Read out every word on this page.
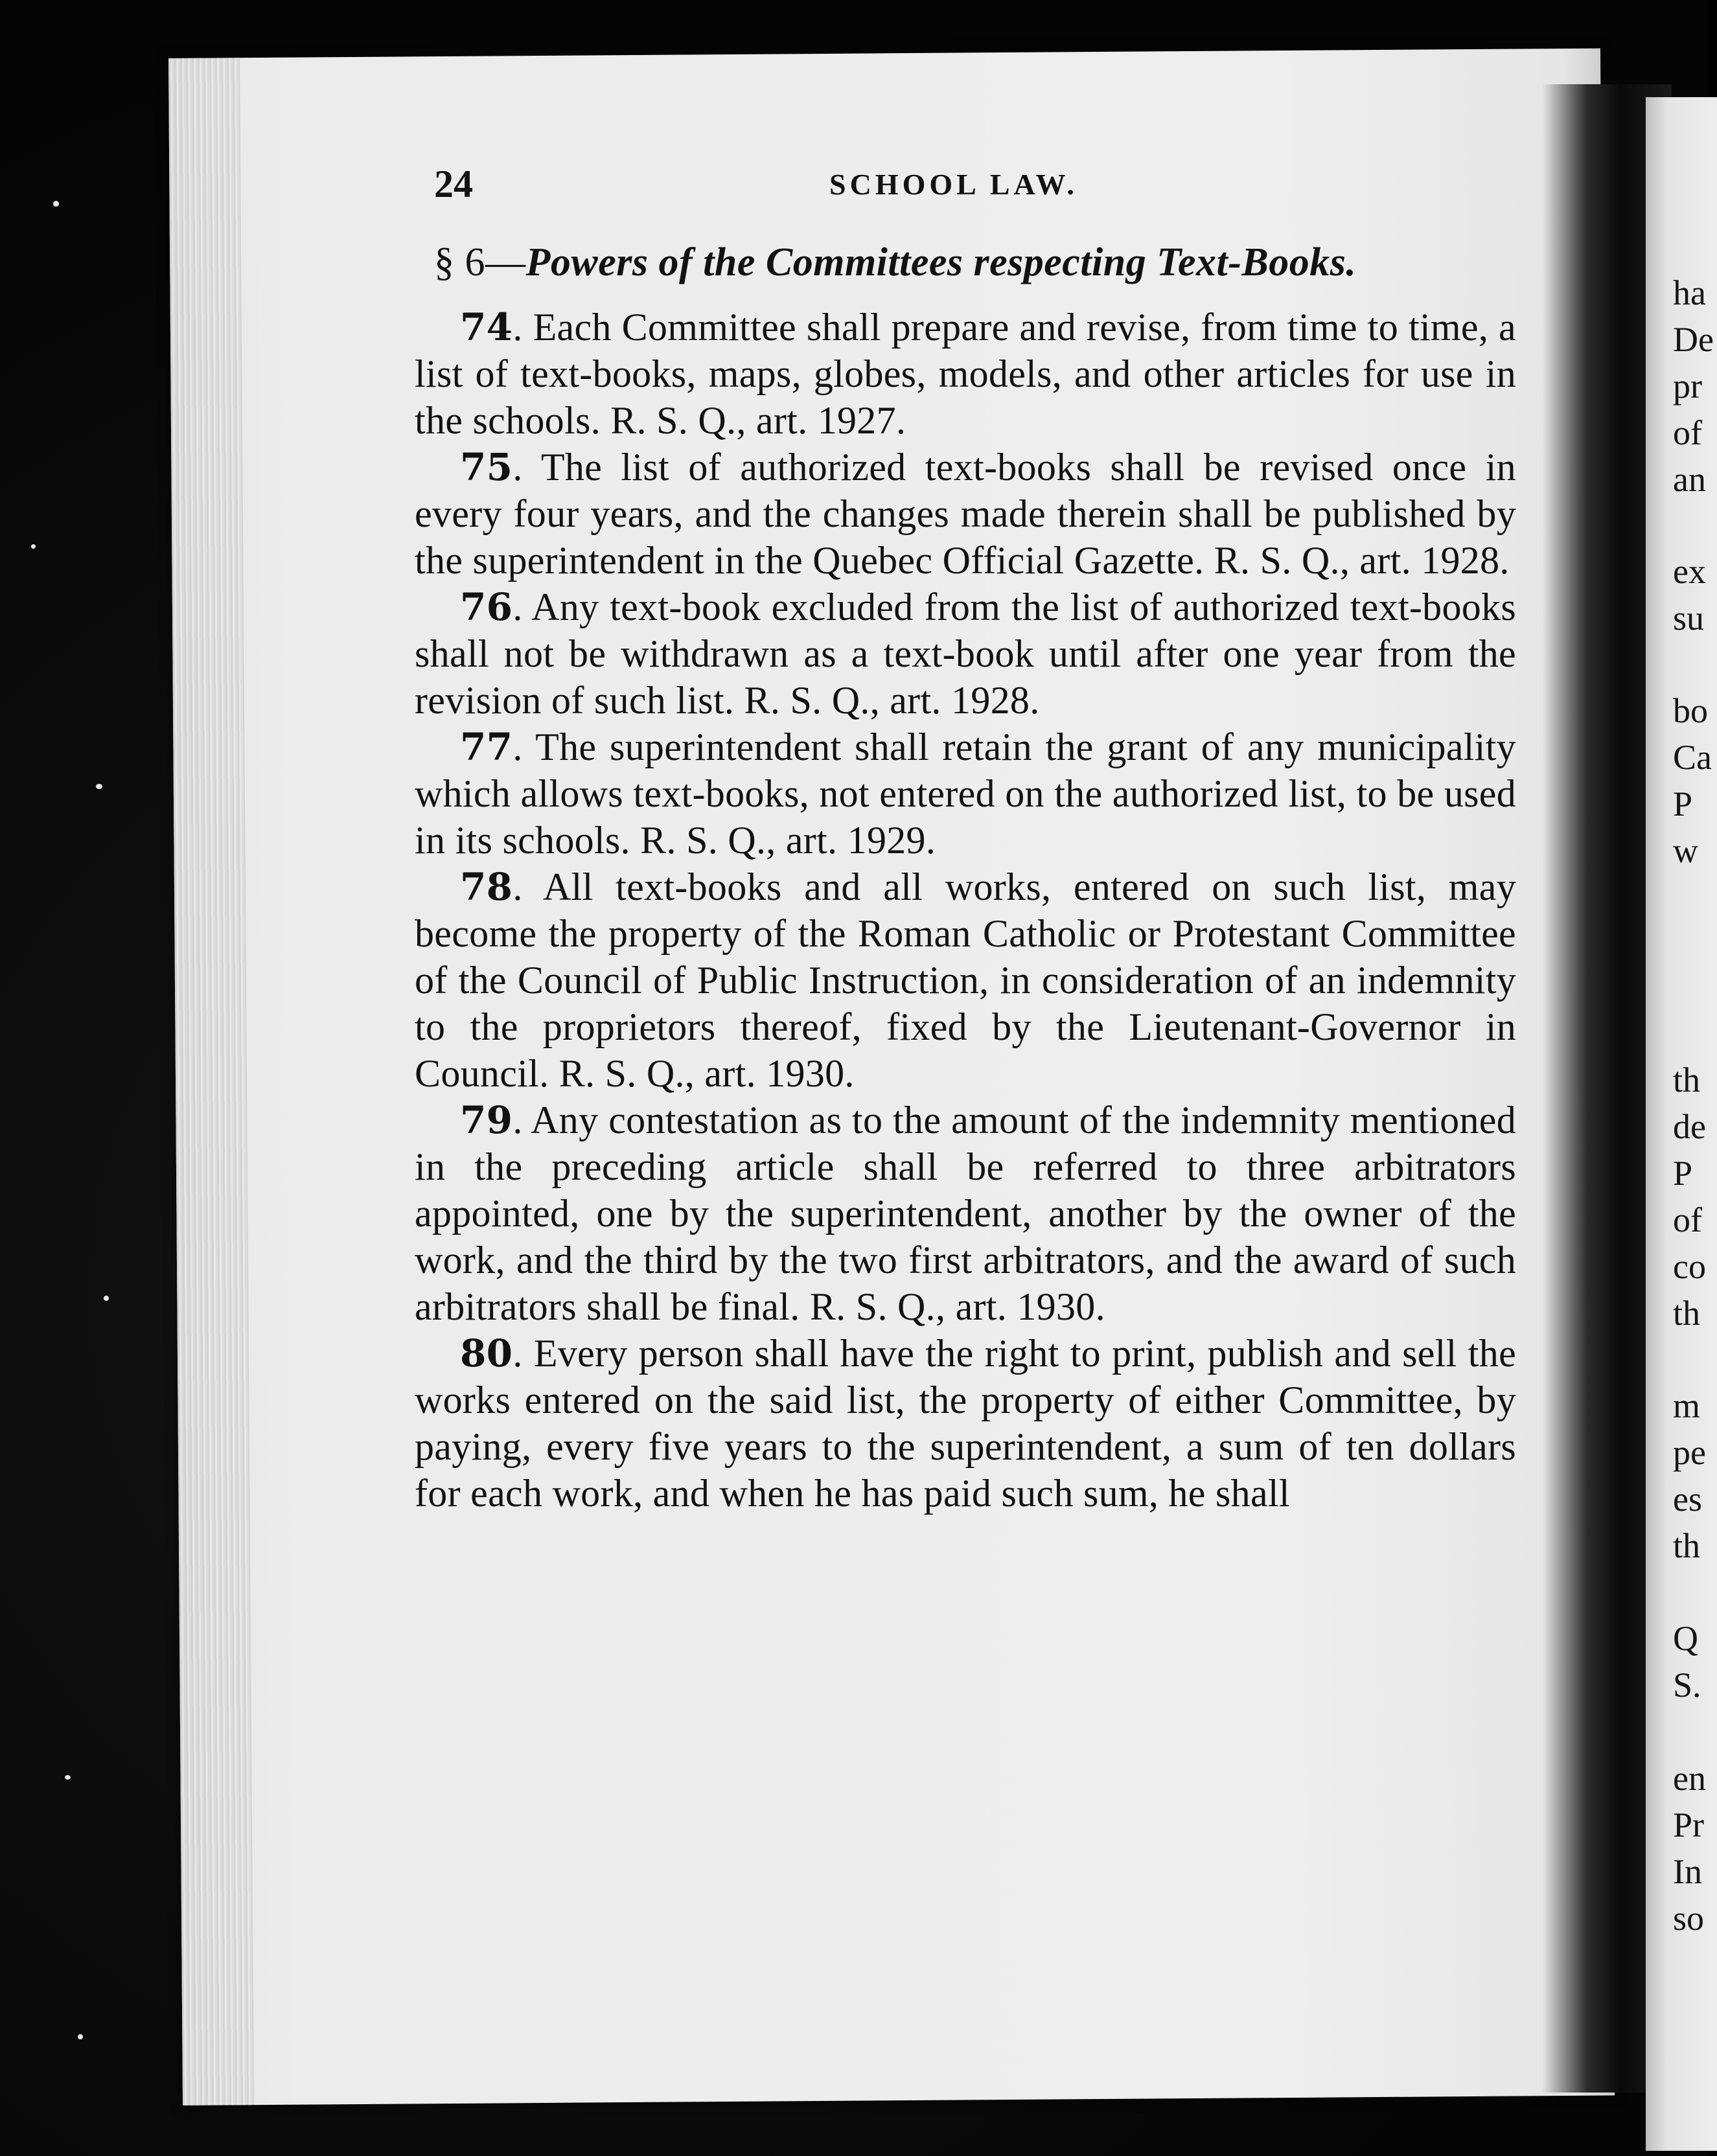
ha
De
pr
of
an
ex
su
bo
Ca
P
w
th
de
P
of
co
th
m
pe
es
th
Q
S.
en
Pr
In
so
24	SCHOOL LAW.
§ 6—Powers of the Committees respecting Text-Books.

74. Each Committee shall prepare and revise, from time to time, a list of text-books, maps, globes, models, and other articles for use in the schools. R. S. Q., art. 1927.

75. The list of authorized text-books shall be revised once in every four years, and the changes made therein shall be published by the superintendent in the Quebec Official Gazette. R. S. Q., art. 1928.

76. Any text-book excluded from the list of authorized text-books shall not be withdrawn as a text-book until after one year from the revision of such list. R. S. Q., art. 1928.

77. The superintendent shall retain the grant of any municipality which allows text-books, not entered on the authorized list, to be used in its schools. R. S. Q., art. 1929.

78. All text-books and all works, entered on such list, may become the property of the Roman Catholic or Protestant Committee of the Council of Public Instruction, in consideration of an indemnity to the proprietors thereof, fixed by the Lieutenant-Governor in Council. R. S. Q., art. 1930.

79. Any contestation as to the amount of the indemnity mentioned in the preceding article shall be referred to three arbitrators appointed, one by the superintendent, another by the owner of the work, and the third by the two first arbitrators, and the award of such arbitrators shall be final. R. S. Q., art. 1930.

80. Every person shall have the right to print, publish and sell the works entered on the said list, the property of either Committee, by paying, every five years to the superintendent, a sum of ten dollars for each work, and when he has paid such sum, he shall
